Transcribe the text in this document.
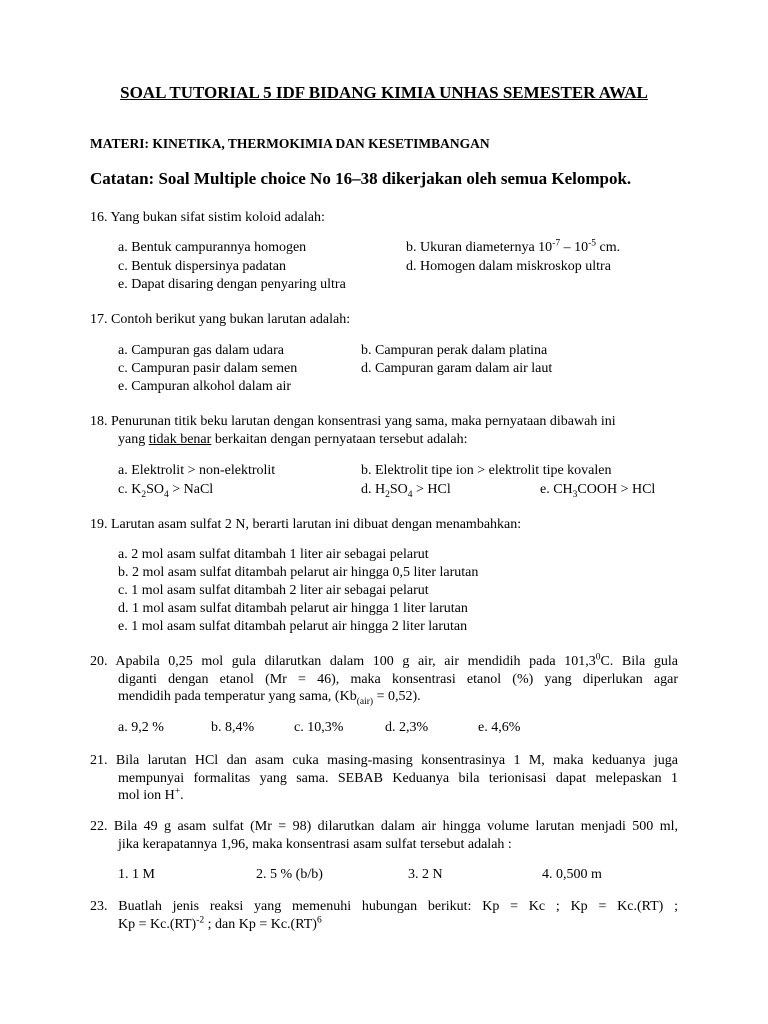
SOAL TUTORIAL 5 IDF BIDANG KIMIA UNHAS SEMESTER AWAL
MATERI: KINETIKA, THERMOKIMIA DAN KESETIMBANGAN
Catatan: Soal Multiple choice No 16–38 dikerjakan oleh semua Kelompok.
16. Yang bukan sifat sistim koloid adalah:
a. Bentuk campurannya homogen	b. Ukuran diameternya $10^{-7} - 10^{-5}$ cm.
c. Bentuk dispersinya padatan	d. Homogen dalam miskroskop ultra
e. Dapat disaring dengan penyaring ultra
17. Contoh berikut yang bukan larutan adalah:
a. Campuran gas dalam udara	b. Campuran perak dalam platina
c. Campuran pasir dalam semen	d. Campuran garam dalam air laut
e. Campuran alkohol dalam air
18. Penurunan titik beku larutan dengan konsentrasi yang sama, maka pernyataan dibawah ini
yang tidak benar berkaitan dengan pernyataan tersebut adalah:
a. Elektrolit > non-elektrolit	b. Elektrolit tipe ion > elektrolit tipe kovalen
c. $K_2SO_4$ > NaCl	d. $H_2SO_4$ > HCl	e. $CH_3COOH$ > HCl
19. Larutan asam sulfat 2 N, berarti larutan ini dibuat dengan menambahkan:
a. 2 mol asam sulfat ditambah 1 liter air sebagai pelarut
b. 2 mol asam sulfat ditambah pelarut air hingga 0,5 liter larutan
c. 1 mol asam sulfat ditambah 2 liter air sebagai pelarut
d. 1 mol asam sulfat ditambah pelarut air hingga 1 liter larutan
e. 1 mol asam sulfat ditambah pelarut air hingga 2 liter larutan
20. Apabila 0,25 mol gula dilarutkan dalam 100 g air, air mendidih pada 101,3$^0$C. Bila gula
diganti dengan etanol (Mr = 46), maka konsentrasi etanol (%) yang diperlukan agar
mendidih pada temperatur yang sama, $(Kb_{(air)} = 0,52)$.
a. 9,2 %	b. 8,4%	c. 10,3%	d. 2,3%	e. 4,6%
21. Bila larutan HCl dan asam cuka masing-masing konsentrasinya 1 M, maka keduanya juga
mempunyai formalitas yang sama. SEBAB Keduanya bila terionisasi dapat melepaskan 1
mol ion H+.
22. Bila 49 g asam sulfat (Mr = 98) dilarutkan dalam air hingga volume larutan menjadi 500 ml,
jika kerapatannya 1,96, maka konsentrasi asam sulfat tersebut adalah :
1. 1 M	2. 5 % (b/b)	3. 2 N	4. 0,500 m
23. Buatlah jenis reaksi yang memenuhi hubungan berikut: Kp = Kc ; Kp = Kc.(RT) ;
Kp = Kc.(RT)$^{-2}$ ; dan Kp = Kc.(RT)$^6$
